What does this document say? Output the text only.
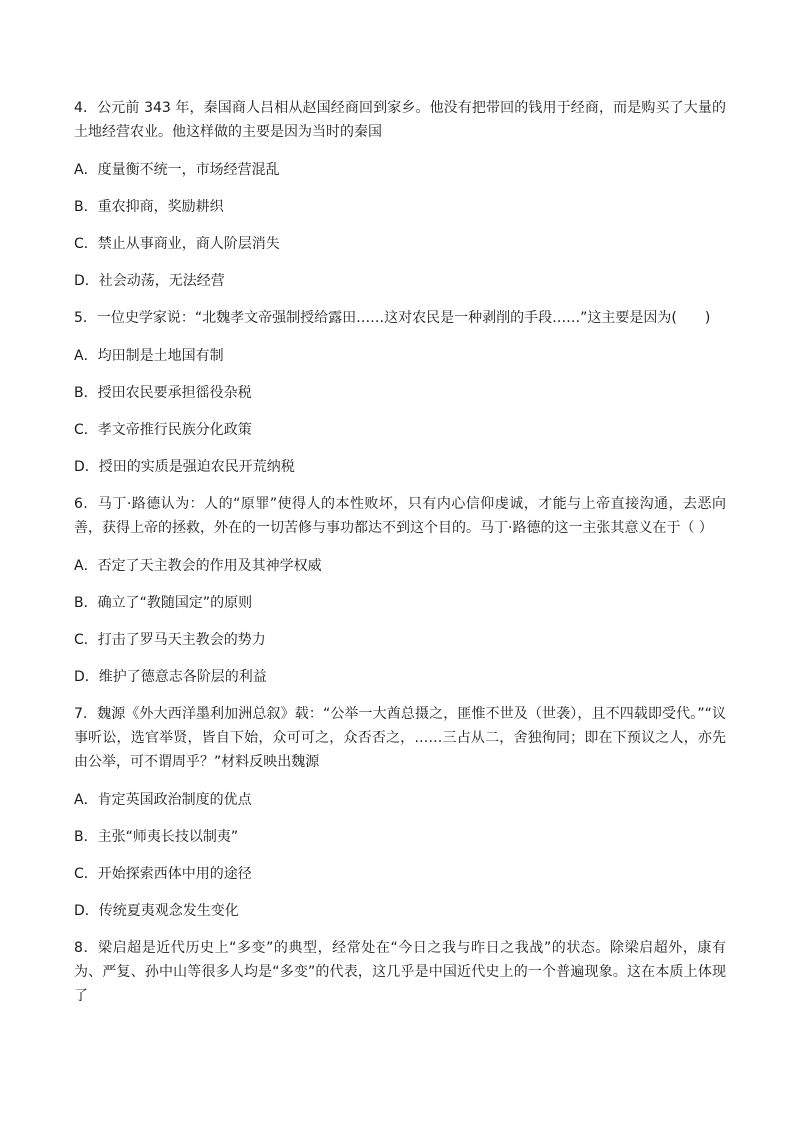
4．公元前 343 年，秦国商人吕相从赵国经商回到家乡。他没有把带回的钱用于经商，而是购买了大量的土地经营农业。他这样做的主要是因为当时的秦国

A．度量衡不统一，市场经营混乱

B．重农抑商，奖励耕织

C．禁止从事商业，商人阶层消失

D．社会动荡，无法经营

5．一位史学家说：“北魏孝文帝强制授给露田……这对农民是一种剥削的手段……”这主要是因为(　　)

A．均田制是土地国有制

B．授田农民要承担徭役杂税

C．孝文帝推行民族分化政策

D．授田的实质是强迫农民开荒纳税

6．马丁·路德认为：人的“原罪”使得人的本性败坏，只有内心信仰虔诚，才能与上帝直接沟通，去恶向善，获得上帝的拯救，外在的一切苦修与事功都达不到这个目的。马丁·路德的这一主张其意义在于（ ）

A．否定了天主教会的作用及其神学权威

B．确立了“教随国定”的原则

C．打击了罗马天主教会的势力

D．维护了德意志各阶层的利益

7．魏源《外大西洋墨利加洲总叙》载：“公举一大酋总摄之，匪惟不世及（世袭），且不四载即受代。”“议事听讼，选官举贤，皆自下始，众可可之，众否否之，……三占从二，舍独徇同；即在下预议之人，亦先由公举，可不谓周乎？”材料反映出魏源

A．肯定英国政治制度的优点

B．主张“师夷长技以制夷”

C．开始探索西体中用的途径

D．传统夏夷观念发生变化

8．梁启超是近代历史上“多变”的典型，经常处在“今日之我与昨日之我战”的状态。除梁启超外，康有为、严复、孙中山等很多人均是“多变”的代表，这几乎是中国近代史上的一个普遍现象。这在本质上体现了
